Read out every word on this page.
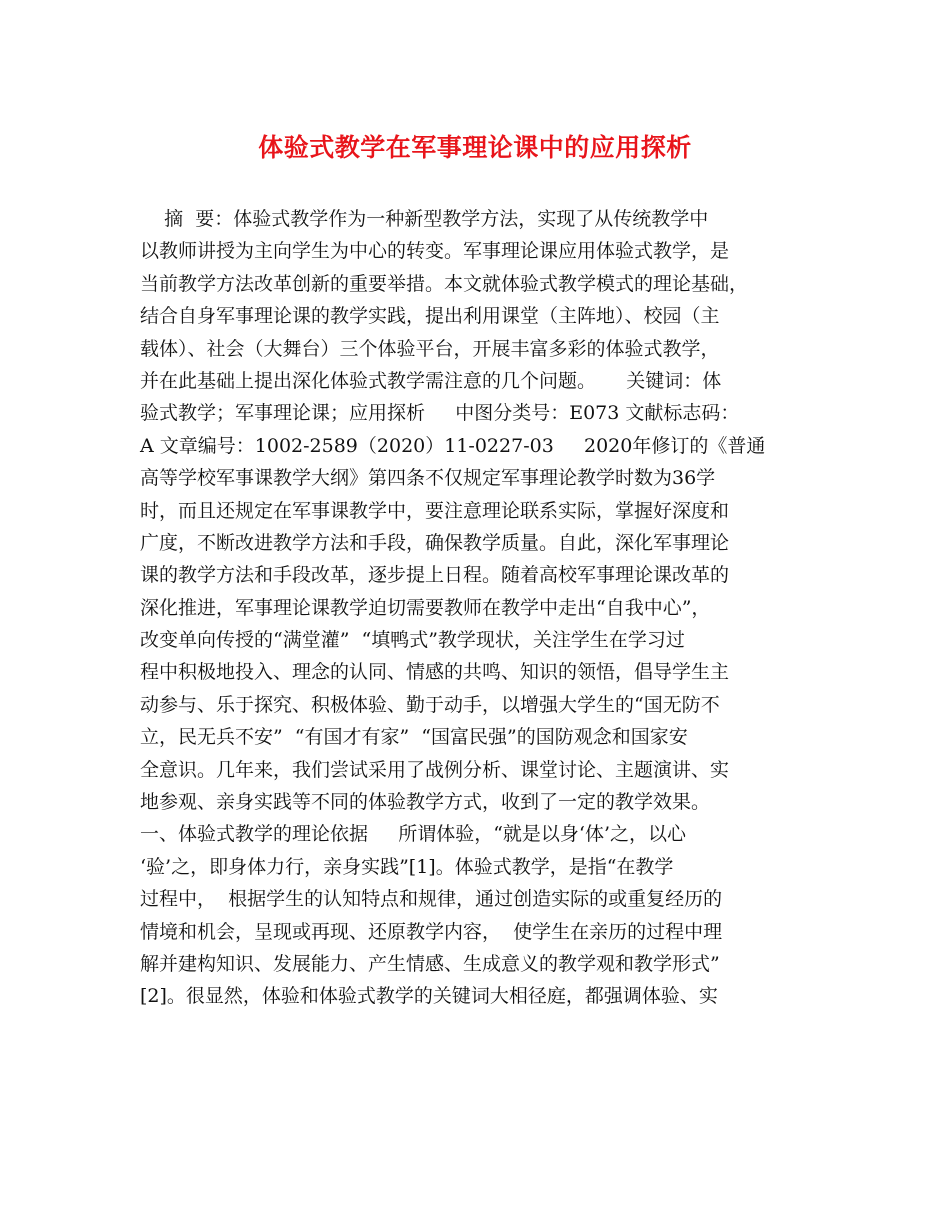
体验式教学在军事理论课中的应用探析
摘  要：体验式教学作为一种新型教学方法，实现了从传统教学中
以教师讲授为主向学生为中心的转变。军事理论课应用体验式教学，是
当前教学方法改革创新的重要举措。本文就体验式教学模式的理论基础，
结合自身军事理论课的教学实践，提出利用课堂（主阵地）、校园（主
载体）、社会（大舞台）三个体验平台，开展丰富多彩的体验式教学，
并在此基础上提出深化体验式教学需注意的几个问题。     关键词：体
验式教学；军事理论课；应用探析     中图分类号：E073 文献标志码：
A 文章编号：1002-2589（2020）11-0227-03     2020年修订的《普通
高等学校军事课教学大纲》第四条不仅规定军事理论教学时数为36学
时，而且还规定在军事课教学中，要注意理论联系实际，掌握好深度和
广度，不断改进教学方法和手段，确保教学质量。自此，深化军事理论
课的教学方法和手段改革，逐步提上日程。随着高校军事理论课改革的
深化推进，军事理论课教学迫切需要教师在教学中走出“自我中心”，
改变单向传授的“满堂灌”  “填鸭式”教学现状，关注学生在学习过
程中积极地投入、理念的认同、情感的共鸣、知识的领悟，倡导学生主
动参与、乐于探究、积极体验、勤于动手，以增强大学生的“国无防不
立，民无兵不安”  “有国才有家”  “国富民强”的国防观念和国家安
全意识。几年来，我们尝试采用了战例分析、课堂讨论、主题演讲、实
地参观、亲身实践等不同的体验教学方式，收到了一定的教学效果。
一、体验式教学的理论依据     所谓体验，“就是以身‘体’之，以心
‘验’之，即身体力行，亲身实践”[1]。体验式教学，是指“在教学
过程中，  根据学生的认知特点和规律，通过创造实际的或重复经历的
情境和机会，呈现或再现、还原教学内容，  使学生在亲历的过程中理
解并建构知识、发展能力、产生情感、生成意义的教学观和教学形式”
[2]。很显然，体验和体验式教学的关键词大相径庭，都强调体验、实
